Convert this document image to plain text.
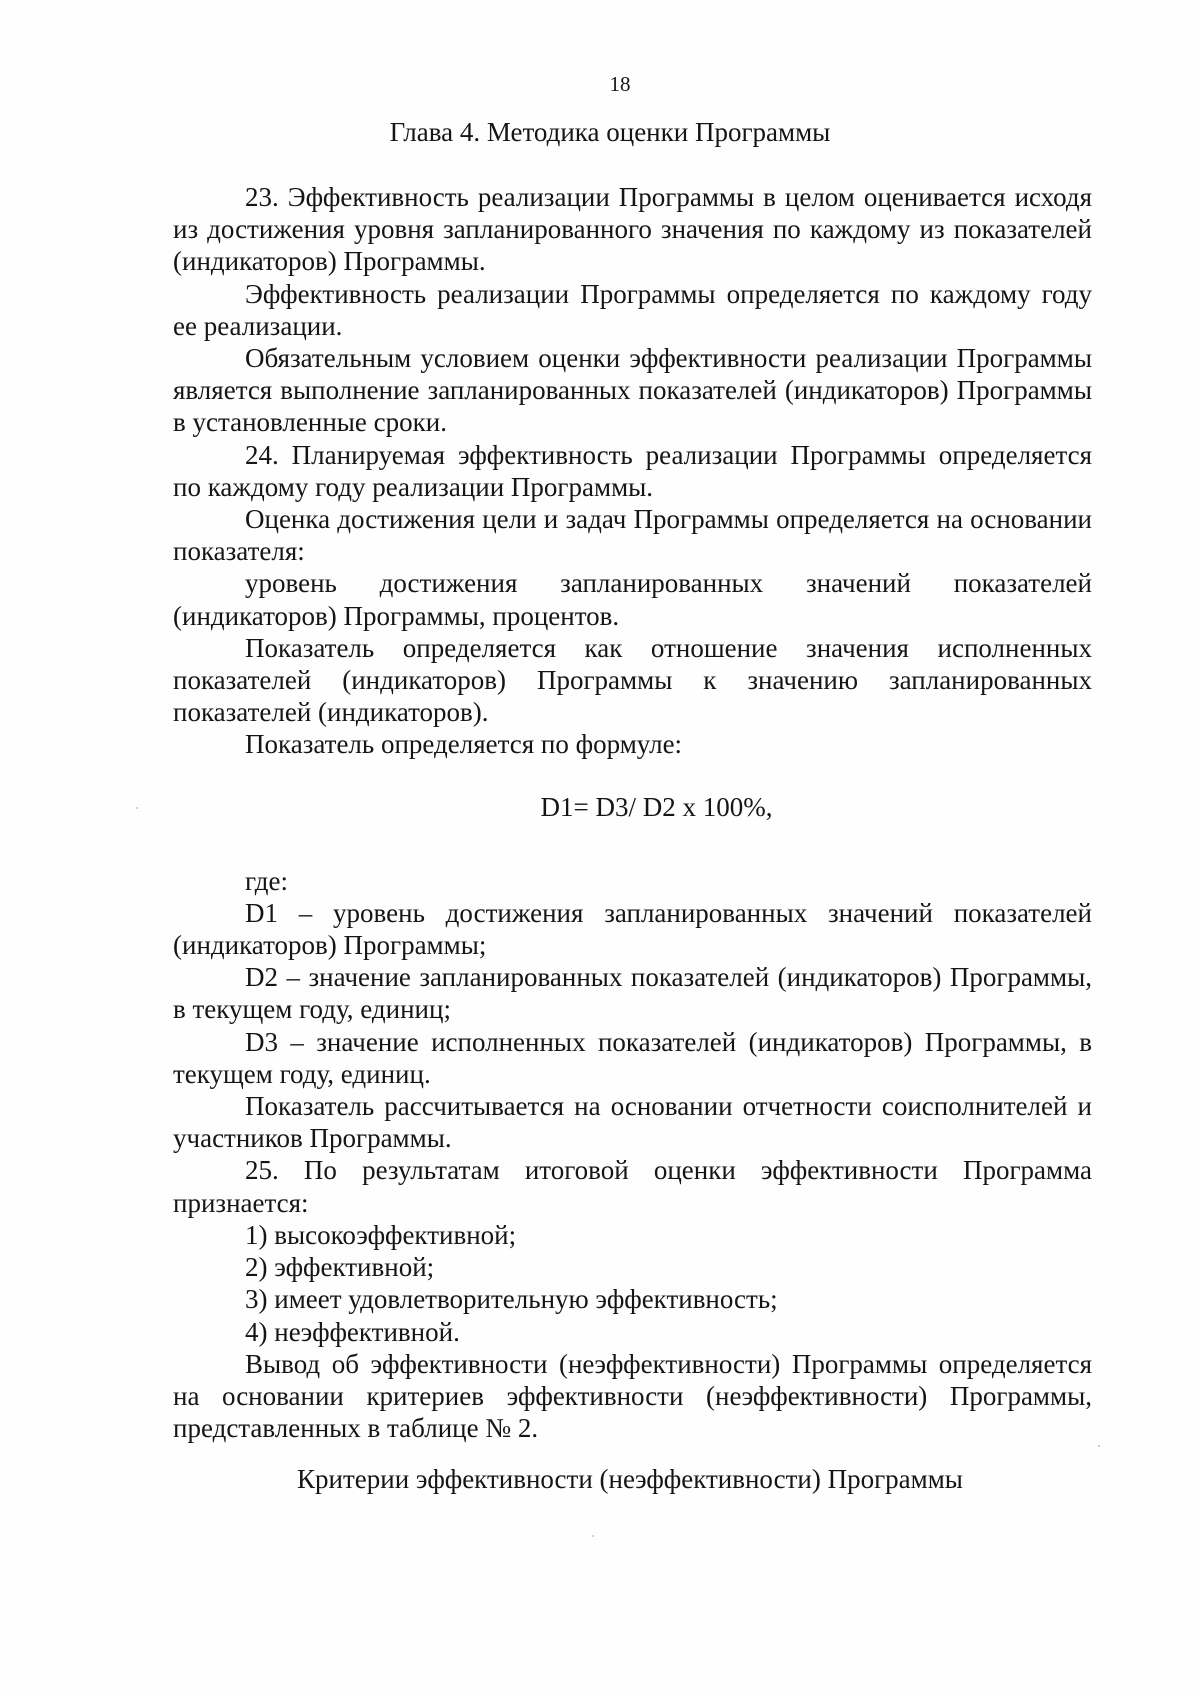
18
Глава 4. Методика оценки Программы

23. Эффективность реализации Программы в целом оценивается исходя из достижения уровня запланированного значения по каждому из показателей (индикаторов) Программы.

Эффективность реализации Программы определяется по каждому году ее реализации.

Обязательным условием оценки эффективности реализации Программы является выполнение запланированных показателей (индикаторов) Программы в установленные сроки.

24. Планируемая эффективность реализации Программы определяется по каждому году реализации Программы.

Оценка достижения цели и задач Программы определяется на основании показателя:

уровень достижения запланированных значений показателей (индикаторов) Программы, процентов.

Показатель определяется как отношение значения исполненных показателей (индикаторов) Программы к значению запланированных показателей (индикаторов).

Показатель определяется по формуле:

D1= D3/ D2 x 100%,

где:

D1 – уровень достижения запланированных значений показателей (индикаторов) Программы;

D2 – значение запланированных показателей (индикаторов) Программы, в текущем году, единиц;

D3 – значение исполненных показателей (индикаторов) Программы, в текущем году, единиц.

Показатель рассчитывается на основании отчетности соисполнителей и участников Программы.

25. По результатам итоговой оценки эффективности Программа признается:

1) высокоэффективной;

2) эффективной;

3) имеет удовлетворительную эффективность;

4) неэффективной.

Вывод об эффективности (неэффективности) Программы определяется на основании критериев эффективности (неэффективности) Программы, представленных в таблице № 2.

Критерии эффективности (неэффективности) Программы
